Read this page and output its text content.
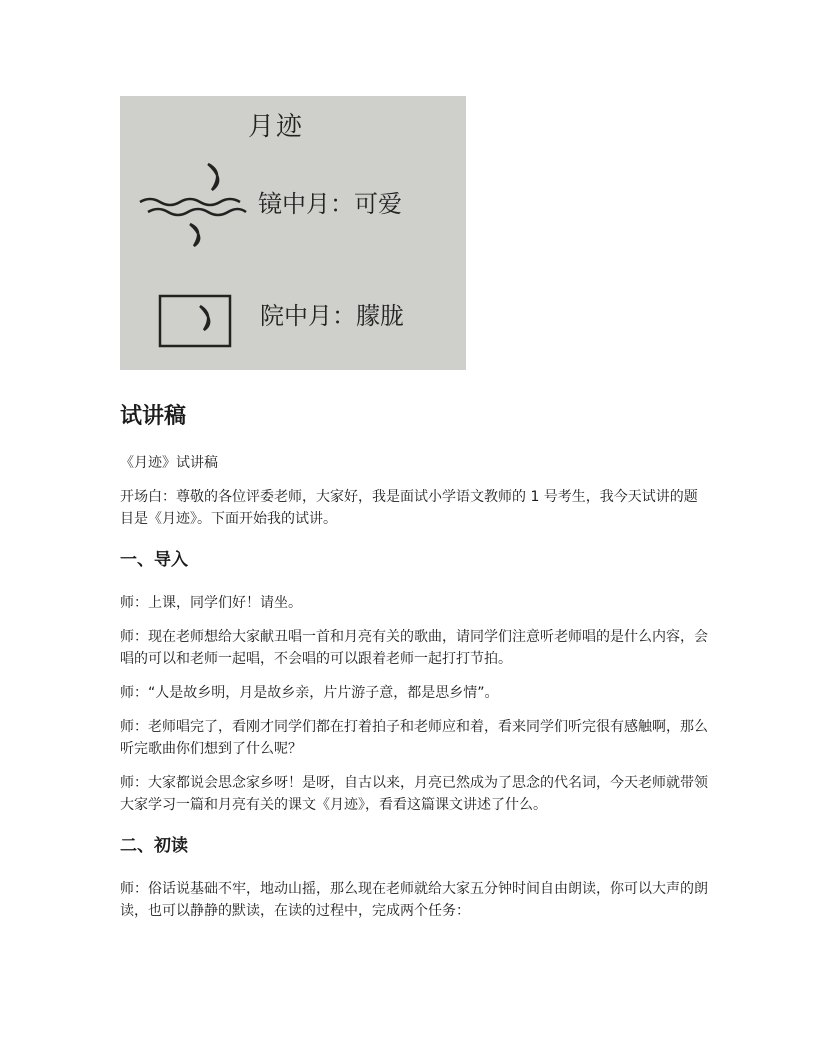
月迹
镜中月：可爱
院中月：朦胧
试讲稿

《月迹》试讲稿

开场白：尊敬的各位评委老师，大家好，我是面试小学语文教师的 1 号考生，我今天试讲的题目是《月迹》。下面开始我的试讲。

一、导入

师：上课，同学们好！请坐。

师：现在老师想给大家献丑唱一首和月亮有关的歌曲，请同学们注意听老师唱的是什么内容，会唱的可以和老师一起唱，不会唱的可以跟着老师一起打打节拍。

师：“人是故乡明，月是故乡亲，片片游子意，都是思乡情”。

师：老师唱完了，看刚才同学们都在打着拍子和老师应和着，看来同学们听完很有感触啊，那么听完歌曲你们想到了什么呢？

师：大家都说会思念家乡呀！是呀，自古以来，月亮已然成为了思念的代名词，今天老师就带领大家学习一篇和月亮有关的课文《月迹》，看看这篇课文讲述了什么。

二、初读

师：俗话说基础不牢，地动山摇，那么现在老师就给大家五分钟时间自由朗读，你可以大声的朗读，也可以静静的默读，在读的过程中，完成两个任务：
